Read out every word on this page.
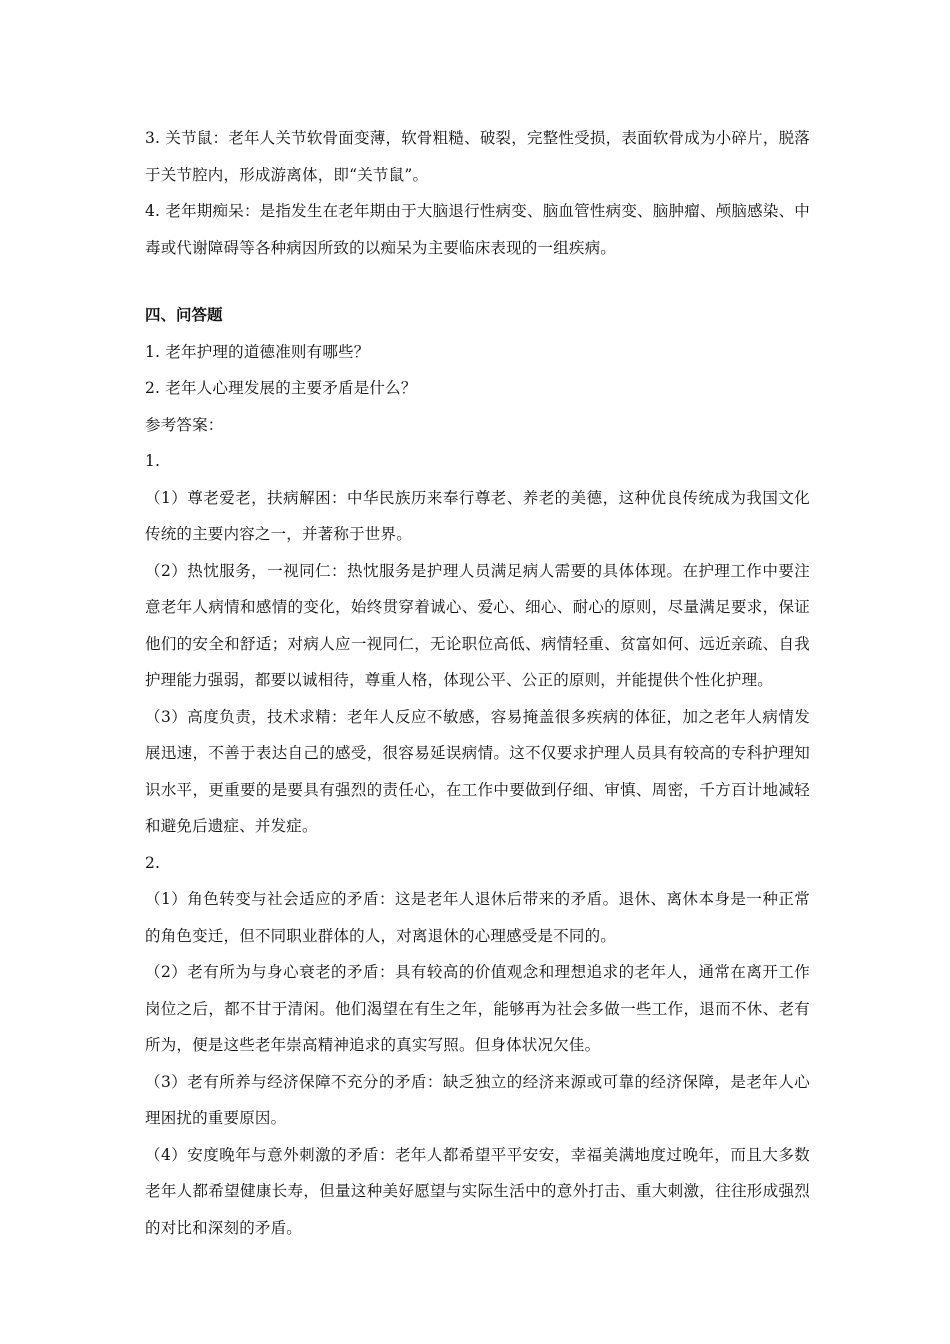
3. 关节鼠：老年人关节软骨面变薄，软骨粗糙、破裂，完整性受损，表面软骨成为小碎片，脱落于关节腔内，形成游离体，即“关节鼠”。

4. 老年期痴呆：是指发生在老年期由于大脑退行性病变、脑血管性病变、脑肿瘤、颅脑感染、中毒或代谢障碍等各种病因所致的以痴呆为主要临床表现的一组疾病。

四、问答题

1. 老年护理的道德准则有哪些？

2. 老年人心理发展的主要矛盾是什么？

参考答案：

1.

（1）尊老爱老，扶病解困：中华民族历来奉行尊老、养老的美德，这种优良传统成为我国文化传统的主要内容之一，并著称于世界。

（2）热忱服务，一视同仁：热忱服务是护理人员满足病人需要的具体体现。在护理工作中要注意老年人病情和感情的变化，始终贯穿着诚心、爱心、细心、耐心的原则，尽量满足要求，保证他们的安全和舒适；对病人应一视同仁，无论职位高低、病情轻重、贫富如何、远近亲疏、自我护理能力强弱，都要以诚相待，尊重人格，体现公平、公正的原则，并能提供个性化护理。

（3）高度负责，技术求精：老年人反应不敏感，容易掩盖很多疾病的体征，加之老年人病情发展迅速，不善于表达自己的感受，很容易延误病情。这不仅要求护理人员具有较高的专科护理知识水平，更重要的是要具有强烈的责任心，在工作中要做到仔细、审慎、周密，千方百计地减轻和避免后遗症、并发症。

2.

（1）角色转变与社会适应的矛盾：这是老年人退休后带来的矛盾。退休、离休本身是一种正常的角色变迁，但不同职业群体的人，对离退休的心理感受是不同的。

（2）老有所为与身心衰老的矛盾：具有较高的价值观念和理想追求的老年人，通常在离开工作岗位之后，都不甘于清闲。他们渴望在有生之年，能够再为社会多做一些工作，退而不休、老有所为，便是这些老年崇高精神追求的真实写照。但身体状况欠佳。

（3）老有所养与经济保障不充分的矛盾：缺乏独立的经济来源或可靠的经济保障，是老年人心理困扰的重要原因。

（4）安度晚年与意外刺激的矛盾：老年人都希望平平安安，幸福美满地度过晚年，而且大多数老年人都希望健康长寿，但量这种美好愿望与实际生活中的意外打击、重大刺激，往往形成强烈的对比和深刻的矛盾。
